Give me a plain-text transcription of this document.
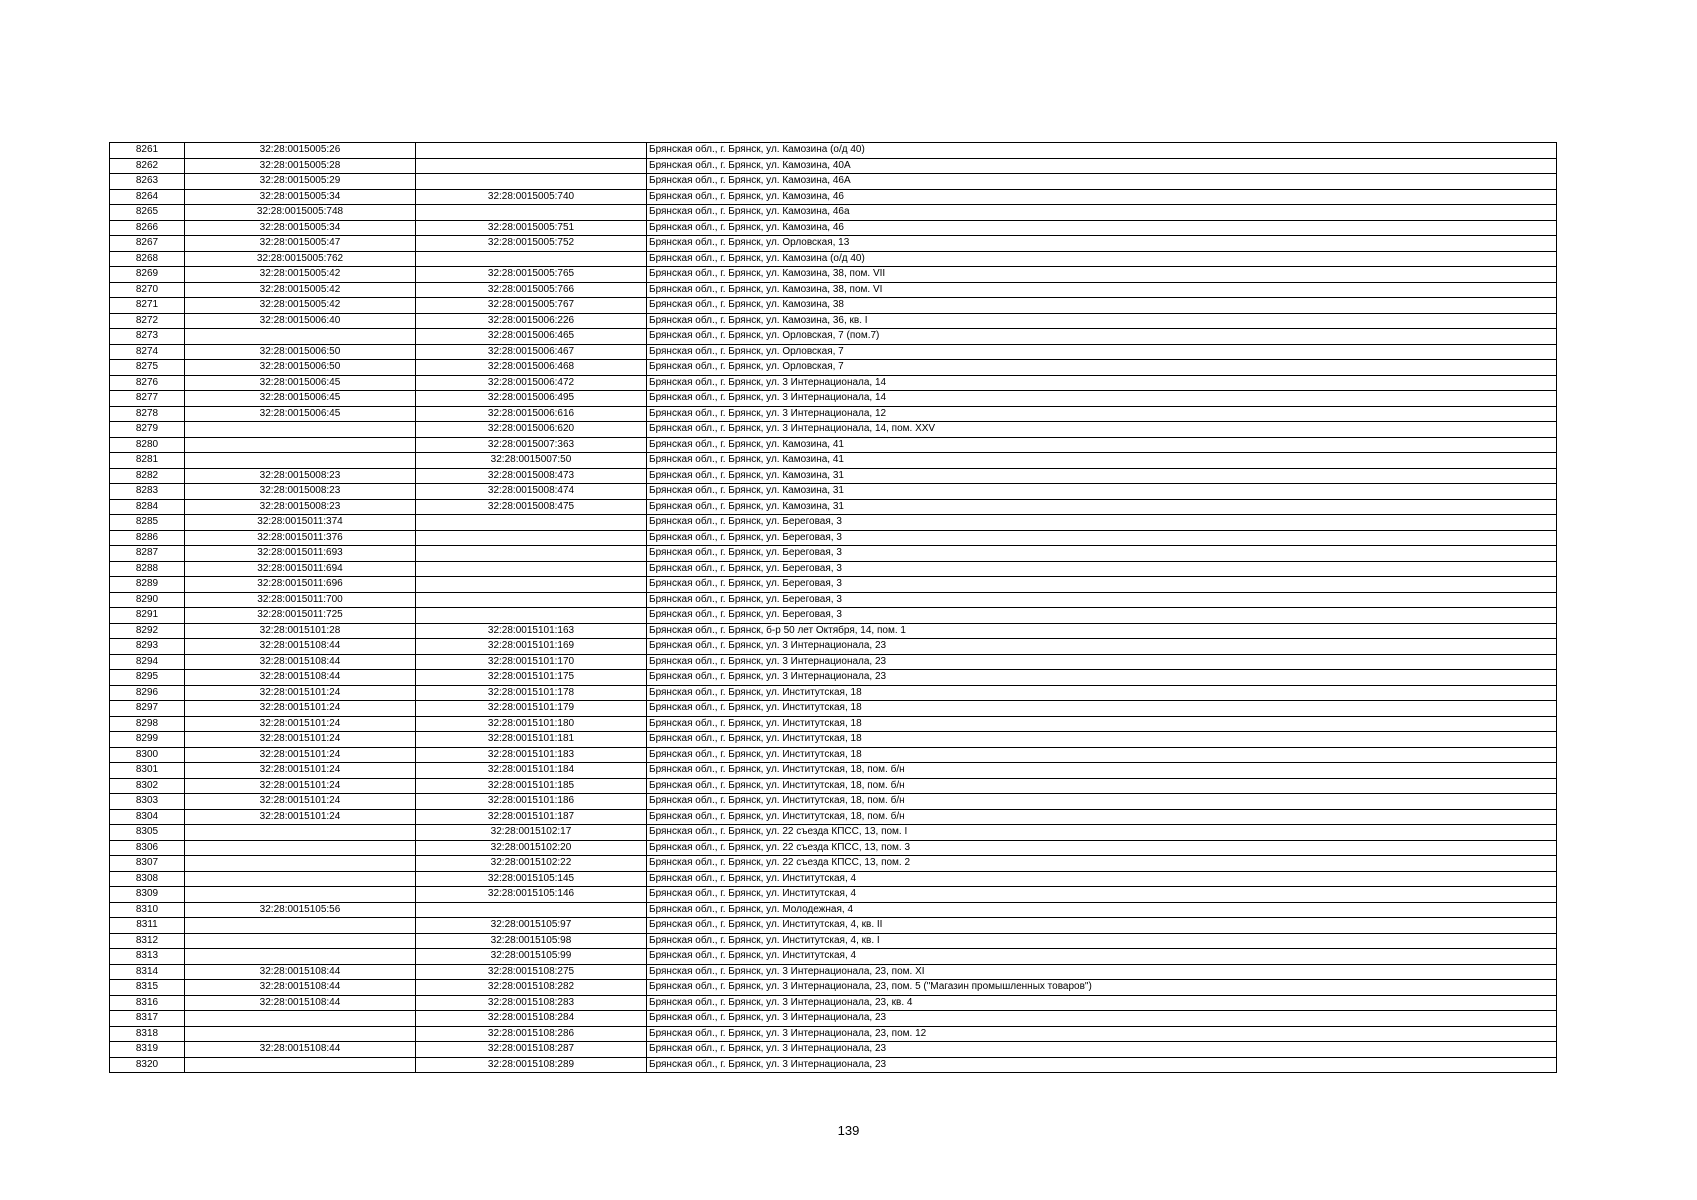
8261	32:28:0015005:26		Брянская обл., г. Брянск, ул. Камозина (о/д 40)
8262	32:28:0015005:28		Брянская обл., г. Брянск, ул. Камозина, 40А
8263	32:28:0015005:29		Брянская обл., г. Брянск, ул. Камозина, 46А
8264	32:28:0015005:34	32:28:0015005:740	Брянская обл., г. Брянск, ул. Камозина, 46
8265	32:28:0015005:748		Брянская обл., г. Брянск, ул. Камозина, 46а
8266	32:28:0015005:34	32:28:0015005:751	Брянская обл., г. Брянск, ул. Камозина, 46
8267	32:28:0015005:47	32:28:0015005:752	Брянская обл., г. Брянск, ул. Орловская, 13
8268	32:28:0015005:762		Брянская обл., г. Брянск, ул. Камозина (о/д 40)
8269	32:28:0015005:42	32:28:0015005:765	Брянская обл., г. Брянск, ул. Камозина, 38, пом. VII
8270	32:28:0015005:42	32:28:0015005:766	Брянская обл., г. Брянск, ул. Камозина, 38, пом. VI
8271	32:28:0015005:42	32:28:0015005:767	Брянская обл., г. Брянск, ул. Камозина, 38
8272	32:28:0015006:40	32:28:0015006:226	Брянская обл., г. Брянск, ул. Камозина, 36, кв. I
8273		32:28:0015006:465	Брянская обл., г. Брянск, ул. Орловская, 7 (пом.7)
8274	32:28:0015006:50	32:28:0015006:467	Брянская обл., г. Брянск, ул. Орловская, 7
8275	32:28:0015006:50	32:28:0015006:468	Брянская обл., г. Брянск, ул. Орловская, 7
8276	32:28:0015006:45	32:28:0015006:472	Брянская обл., г. Брянск, ул. 3 Интернационала, 14
8277	32:28:0015006:45	32:28:0015006:495	Брянская обл., г. Брянск, ул. 3 Интернационала, 14
8278	32:28:0015006:45	32:28:0015006:616	Брянская обл., г. Брянск, ул. 3 Интернационала, 12
8279		32:28:0015006:620	Брянская обл., г. Брянск, ул. 3 Интернационала, 14, пом. XXV
8280		32:28:0015007:363	Брянская обл., г. Брянск, ул. Камозина, 41
8281		32:28:0015007:50	Брянская обл., г. Брянск, ул. Камозина, 41
8282	32:28:0015008:23	32:28:0015008:473	Брянская обл., г. Брянск, ул. Камозина, 31
8283	32:28:0015008:23	32:28:0015008:474	Брянская обл., г. Брянск, ул. Камозина, 31
8284	32:28:0015008:23	32:28:0015008:475	Брянская обл., г. Брянск, ул. Камозина, 31
8285	32:28:0015011:374		Брянская обл., г. Брянск, ул. Береговая, 3
8286	32:28:0015011:376		Брянская обл., г. Брянск, ул. Береговая, 3
8287	32:28:0015011:693		Брянская обл., г. Брянск, ул. Береговая, 3
8288	32:28:0015011:694		Брянская обл., г. Брянск, ул. Береговая, 3
8289	32:28:0015011:696		Брянская обл., г. Брянск, ул. Береговая, 3
8290	32:28:0015011:700		Брянская обл., г. Брянск, ул. Береговая, 3
8291	32:28:0015011:725		Брянская обл., г. Брянск, ул. Береговая, 3
8292	32:28:0015101:28	32:28:0015101:163	Брянская обл., г. Брянск, б-р 50 лет Октября, 14, пом. 1
8293	32:28:0015108:44	32:28:0015101:169	Брянская обл., г. Брянск, ул. 3 Интернационала, 23
8294	32:28:0015108:44	32:28:0015101:170	Брянская обл., г. Брянск, ул. 3 Интернационала, 23
8295	32:28:0015108:44	32:28:0015101:175	Брянская обл., г. Брянск, ул. 3 Интернационала, 23
8296	32:28:0015101:24	32:28:0015101:178	Брянская обл., г. Брянск, ул. Институтская, 18
8297	32:28:0015101:24	32:28:0015101:179	Брянская обл., г. Брянск, ул. Институтская, 18
8298	32:28:0015101:24	32:28:0015101:180	Брянская обл., г. Брянск, ул. Институтская, 18
8299	32:28:0015101:24	32:28:0015101:181	Брянская обл., г. Брянск, ул. Институтская, 18
8300	32:28:0015101:24	32:28:0015101:183	Брянская обл., г. Брянск, ул. Институтская, 18
8301	32:28:0015101:24	32:28:0015101:184	Брянская обл., г. Брянск, ул. Институтская, 18, пом. б/н
8302	32:28:0015101:24	32:28:0015101:185	Брянская обл., г. Брянск, ул. Институтская, 18, пом. б/н
8303	32:28:0015101:24	32:28:0015101:186	Брянская обл., г. Брянск, ул. Институтская, 18, пом. б/н
8304	32:28:0015101:24	32:28:0015101:187	Брянская обл., г. Брянск, ул. Институтская, 18, пом. б/н
8305		32:28:0015102:17	Брянская обл., г. Брянск, ул. 22 съезда КПСС, 13, пом. I
8306		32:28:0015102:20	Брянская обл., г. Брянск, ул. 22 съезда КПСС, 13, пом. 3
8307		32:28:0015102:22	Брянская обл., г. Брянск, ул. 22 съезда КПСС, 13, пом. 2
8308		32:28:0015105:145	Брянская обл., г. Брянск, ул. Институтская, 4
8309		32:28:0015105:146	Брянская обл., г. Брянск, ул. Институтская, 4
8310	32:28:0015105:56		Брянская обл., г. Брянск, ул. Молодежная, 4
8311		32:28:0015105:97	Брянская обл., г. Брянск, ул. Институтская, 4, кв. II
8312		32:28:0015105:98	Брянская обл., г. Брянск, ул. Институтская, 4, кв. I
8313		32:28:0015105:99	Брянская обл., г. Брянск, ул. Институтская, 4
8314	32:28:0015108:44	32:28:0015108:275	Брянская обл., г. Брянск, ул. 3 Интернационала, 23, пом. XI
8315	32:28:0015108:44	32:28:0015108:282	Брянская обл., г. Брянск, ул. 3 Интернационала, 23, пом. 5 ("Магазин промышленных товаров")
8316	32:28:0015108:44	32:28:0015108:283	Брянская обл., г. Брянск, ул. 3 Интернационала, 23, кв. 4
8317		32:28:0015108:284	Брянская обл., г. Брянск, ул. 3 Интернационала, 23
8318		32:28:0015108:286	Брянская обл., г. Брянск, ул. 3 Интернационала, 23, пом. 12
8319	32:28:0015108:44	32:28:0015108:287	Брянская обл., г. Брянск, ул. 3 Интернационала, 23
8320		32:28:0015108:289	Брянская обл., г. Брянск, ул. 3 Интернационала, 23
139
